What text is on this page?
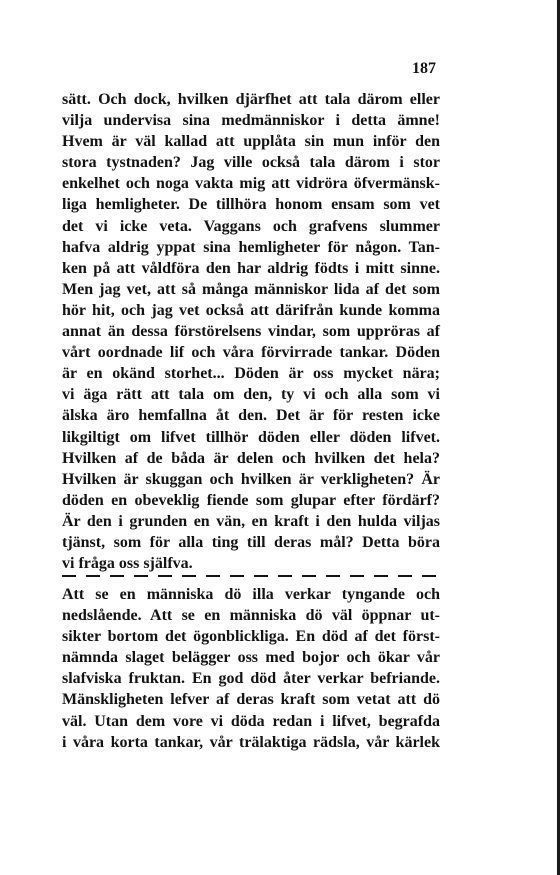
187
sätt. Och dock, hvilken djärfhet att tala därom eller
vilja undervisa sina medmänniskor i detta ämne!
Hvem är väl kallad att upplåta sin mun inför den
stora tystnaden? Jag ville också tala därom i stor
enkelhet och noga vakta mig att vidröra öfvermänsk-
liga hemligheter. De tillhöra honom ensam som vet
det vi icke veta. Vaggans och grafvens slummer
hafva aldrig yppat sina hemligheter för någon. Tan-
ken på att våldföra den har aldrig födts i mitt sinne.
Men jag vet, att så många människor lida af det som
hör hit, och jag vet också att därifrån kunde komma
annat än dessa förstörelsens vindar, som uppröras af
vårt oordnade lif och våra förvirrade tankar. Döden
är en okänd storhet... Döden är oss mycket nära;
vi äga rätt att tala om den, ty vi och alla som vi
älska äro hemfallna åt den. Det är för resten icke
likgiltigt om lifvet tillhör döden eller döden lifvet.
Hvilken af de båda är delen och hvilken det hela?
Hvilken är skuggan och hvilken är verkligheten? Är
döden en obeveklig fiende som glupar efter fördärf?
Är den i grunden en vän, en kraft i den hulda viljas
tjänst, som för alla ting till deras mål? Detta böra
vi fråga oss själfva.
Att se en människa dö illa verkar tyngande och
nedslående. Att se en människa dö väl öppnar ut-
sikter bortom det ögonblickliga. En död af det först-
nämnda slaget belägger oss med bojor och ökar vår
slafviska fruktan. En god död åter verkar befriande.
Mänskligheten lefver af deras kraft som vetat att dö
väl. Utan dem vore vi döda redan i lifvet, begrafda
i våra korta tankar, vår trälaktiga rädsla, vår kärlek
